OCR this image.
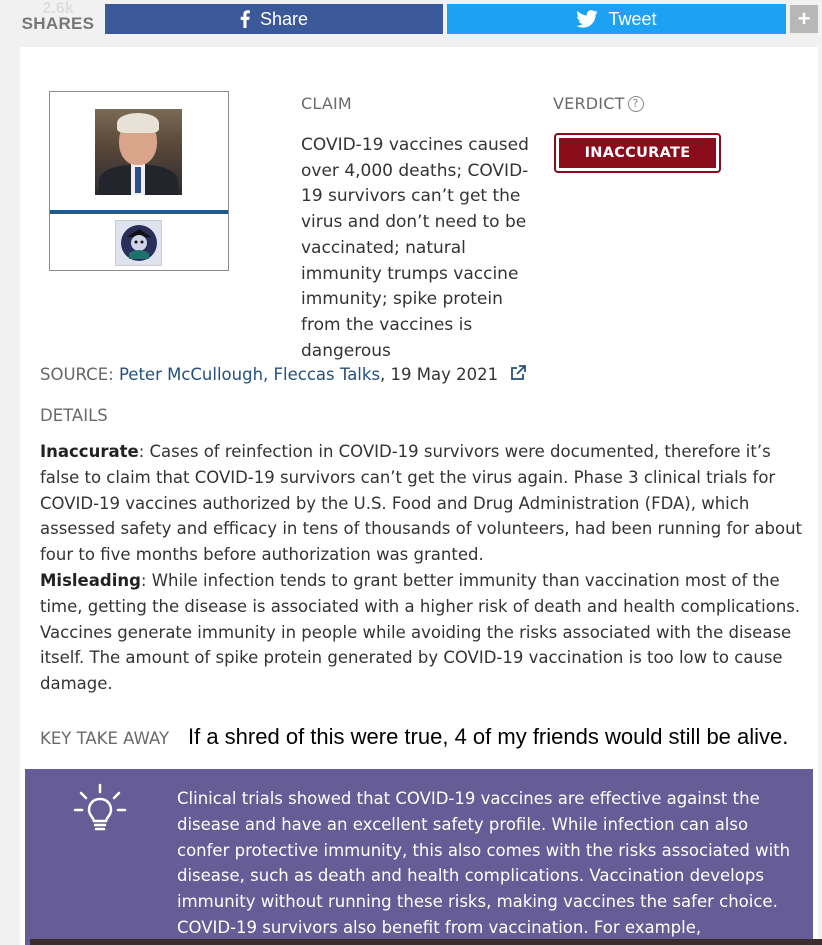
2.6k
SHARES	Share	Tweet	+
CLAIM
COVID-19 vaccines caused over 4,000 deaths; COVID-19 survivors can’t get the virus and don’t need to be vaccinated; natural immunity trumps vaccine immunity; spike protein from the vaccines is dangerous
VERDICT ?
INACCURATE
SOURCE: Peter McCullough, Fleccas Talks, 19 May 2021
DETAILS
Inaccurate: Cases of reinfection in COVID-19 survivors were documented, therefore it’s false to claim that COVID-19 survivors can’t get the virus again. Phase 3 clinical trials for COVID-19 vaccines authorized by the U.S. Food and Drug Administration (FDA), which assessed safety and efficacy in tens of thousands of volunteers, had been running for about four to five months before authorization was granted.
Misleading: While infection tends to grant better immunity than vaccination most of the time, getting the disease is associated with a higher risk of death and health complications. Vaccines generate immunity in people while avoiding the risks associated with the disease itself. The amount of spike protein generated by COVID-19 vaccination is too low to cause damage.
KEY TAKE AWAY If a shred of this were true, 4 of my friends would still be alive.
Clinical trials showed that COVID-19 vaccines are effective against the disease and have an excellent safety profile. While infection can also confer protective immunity, this also comes with the risks associated with disease, such as death and health complications. Vaccination develops immunity without running these risks, making vaccines the safer choice. COVID-19 survivors also benefit from vaccination. For example,
